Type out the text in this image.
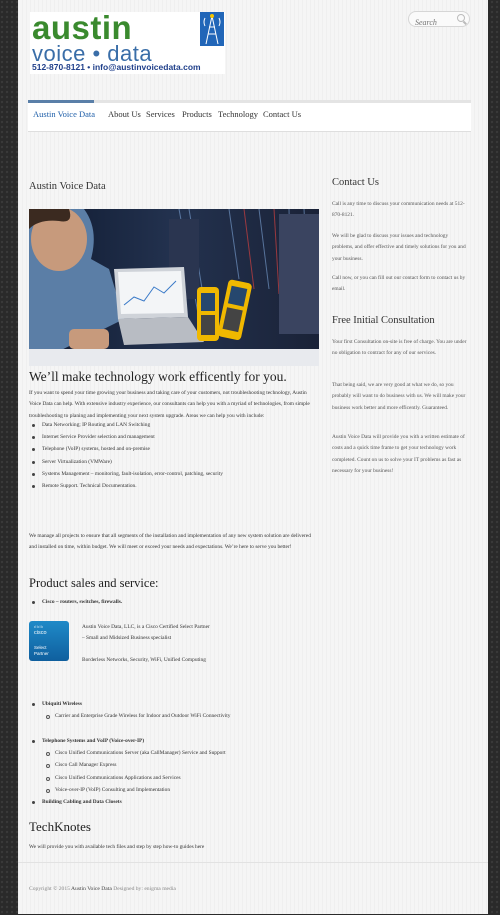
austin
voice • data
512-870-8121 • info@austinvoicedata.com
Search
Austin Voice Data About Us Services Products Technology Contact Us
Austin Voice Data
We’ll make technology work efficently for you.

If you want to spend your time growing your business and taking care of your customers, not troubleshooting technology, Austin Voice Data can help. With extensive industry experience, our consultants can help you with a myriad of technologies, from simple troubleshooting to planing and implementing your next system upgrade. Areas we can help you with include:

Data Networking; IP Routing and LAN Switching
Internet Service Provider selection and management
Telephone (VoIP) systems, hosted and on-premise
Server Virtualization (VMWare)
Systems Management – monitoring, fault-isolation, error-control, patching, security
Remote Support. Technical Documentation.

We manage all projects to ensure that all segments of the installation and implementation of any new system solution are delivered and installed on time, within budget. We will meet or exceed your needs and expectations. We’re here to serve you better!

Product sales and service:
Cisco – routers, switches, firewalls.
ıllıllı
cisco
Select
Partner
Austin Voice Data, LLC, is a Cisco Certified Select Partner
– Small and Midsized Business specialist
Borderless Networks, Security, WiFi, Unified Computing
Ubiquiti Wireless
Carrier and Enterprise Grade Wireless for Indoor and Outdoor WiFi Connectivity
Telephone Systems and VoIP (Voice-over-IP)
Cisco Unified Communications Server (aka CallManager) Service and Support
Cisco Call Manager Express
Cisco Unified Communications Applications and Services
Voice-over-IP (VoIP) Consulting and Implementation
Building Cabling and Data Closets
TechKnotes
We will provide you with available tech files and step by step how-to guides here
Contact Us

Call is any time to discuss your communication needs at 512-870-8121.

We will be glad to discuss your issues and technology problems, and offer effective and timely solutions for you and your business.

Call now, or you can fill out our contact form to contact us by email.

Free Initial Consultation

Your first Consultation on-site is free of charge. You are under no obligation to contract for any of our services.

That being said, we are very good at what we do, so you probably will want to do business with us. We will make your business work better and more efficently. Guaranteed.

Austin Voice Data will provide you with a written estimate of costs and a quick time frame to get your technology work completed. Count on us to solve your IT problems as fast as necessary for your business!

Copyright © 2015 Austin Voice Data Designed by: enigma media
